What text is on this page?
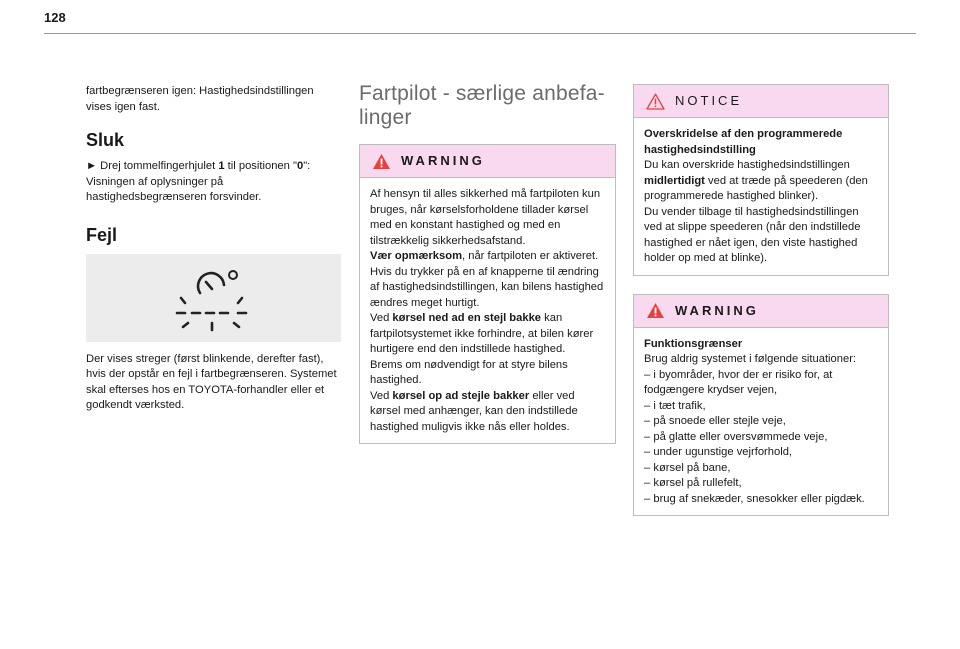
128

fartbegrænseren igen: Hastighedsindstillingen vises igen fast.

Sluk

► Drej tommelfingerhjulet 1 til positionen "0": Visningen af oplysninger på hastighedsbegrænseren forsvinder.

Fejl

Der vises streger (først blinkende, derefter fast), hvis der opstår en fejl i fartbegrænseren. Systemet skal efterses hos en TOYOTA-forhandler eller et godkendt værksted.

Fartpilot - særlige anbefa-linger
WARNING

Af hensyn til alles sikkerhed må fartpiloten kun bruges, når kørselsforholdene tillader kørsel med en konstant hastighed og med en tilstrækkelig sikkerhedsafstand.

Vær opmærksom, når fartpiloten er aktiveret. Hvis du trykker på en af knapperne til ændring af hastighedsindstillingen, kan bilens hastighed ændres meget hurtigt.

Ved kørsel ned ad en stejl bakke kan fartpilotsystemet ikke forhindre, at bilen kører hurtigere end den indstillede hastighed.

Brems om nødvendigt for at styre bilens hastighed.

Ved kørsel op ad stejle bakker eller ved kørsel med anhænger, kan den indstillede hastighed muligvis ikke nås eller holdes.

NOTICE

Overskridelse af den programmerede hastighedsindstilling

Du kan overskride hastighedsindstillingen midlertidigt ved at træde på speederen (den programmerede hastighed blinker).

Du vender tilbage til hastighedsindstillingen ved at slippe speederen (når den indstillede hastighed er nået igen, den viste hastighed holder op med at blinke).

WARNING

Funktionsgrænser

Brug aldrig systemet i følgende situationer:

– i byområder, hvor der er risiko for, at fodgængere krydser vejen,
– i tæt trafik,
– på snoede eller stejle veje,
– på glatte eller oversvømmede veje,
– under ugunstige vejrforhold,
– kørsel på bane,
– kørsel på rullefelt,
– brug af snekæder, snesokker eller pigdæk.
